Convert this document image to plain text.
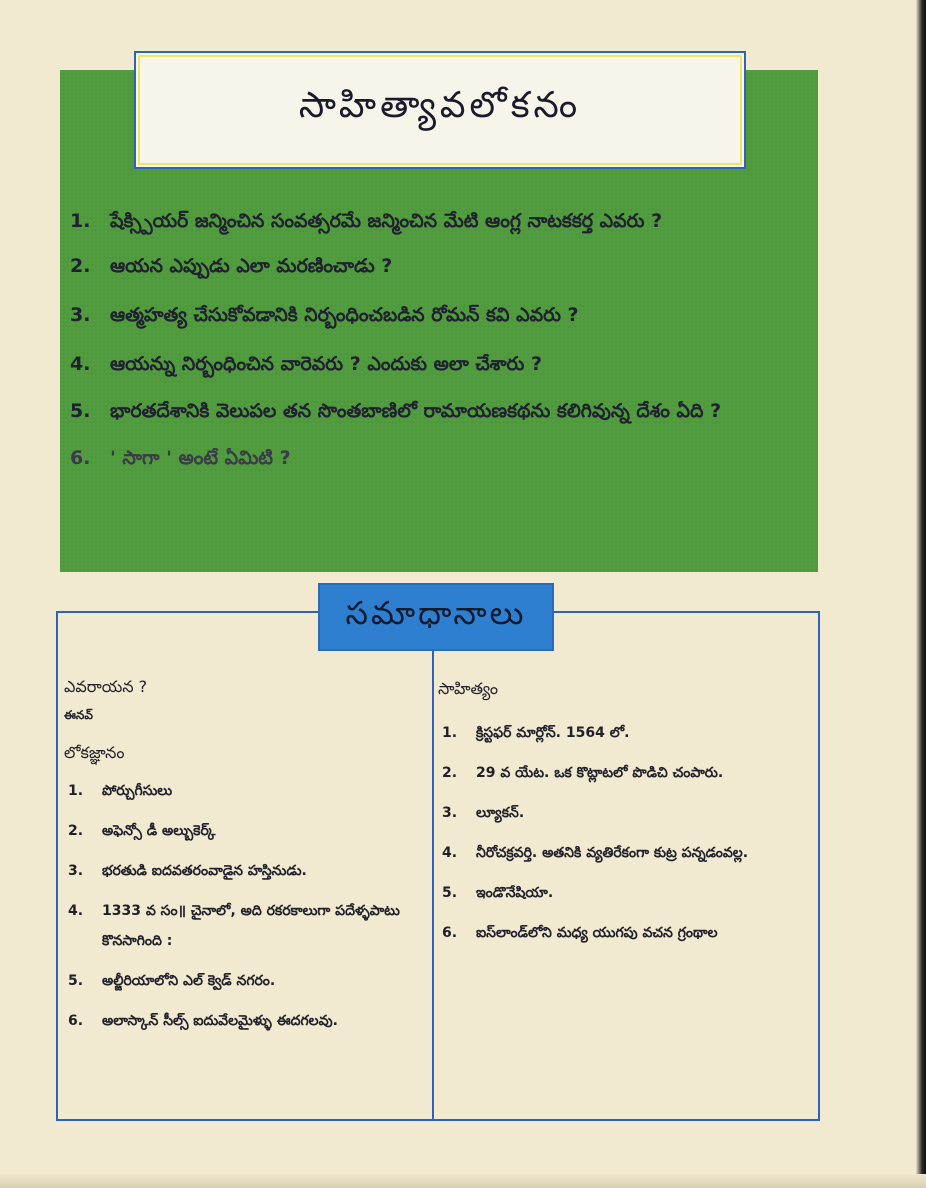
సాహిత్యావలోకనం
1.	షేక్స్పియర్ జన్మించిన సంవత్సరమే జన్మించిన మేటి ఆంగ్ల నాటకకర్త ఎవరు ?
2.	ఆయన ఎప్పుడు ఎలా మరణించాడు ?
3.	ఆత్మహత్య చేసుకోవడానికి నిర్బంధించబడిన రోమన్ కవి ఎవరు ?
4.	ఆయన్ను నిర్బంధించిన వారెవరు ? ఎందుకు అలా చేశారు ?
5.	భారతదేశానికి వెలుపల తన సొంతబాణిలో రామాయణకథను కలిగివున్న దేశం ఏది ?
6.	' సాగా ' అంటే ఏమిటి ?
సమాధానాలు
ఎవరాయన ?
ఈనవ్
లోకజ్ఞానం
1.	పోర్చుగీసులు
2.	అఫెన్సో డీ అల్బుకెర్క్
3.	భరతుడి ఐదవతరంవాడైన హస్తినుడు.
4.	1333 వ సం॥ చైనాలో, అది రకరకాలుగా పదేళ్ళపాటు కొనసాగింది :
5.	అల్జీరియాలోని ఎల్ క్వెడ్ నగరం.
6.	అలాస్కాన్ సీల్స్ ఐదువేలమైళ్ళు ఈదగలవు.
సాహిత్యం
1.	క్రిస్టఫర్ మార్లోన్. 1564 లో.
2.	29 వ యేట. ఒక కొట్లాటలో పొడిచి చంపారు.
3.	ల్యూకన్.
4.	నీరోచక్రవర్తి. అతనికి వ్యతిరేకంగా కుట్ర పన్నడంవల్ల.
5.	ఇండొనేషియా.
6.	ఐస్‌లాండ్‌లోని మధ్య యుగపు వచన గ్రంథాల
